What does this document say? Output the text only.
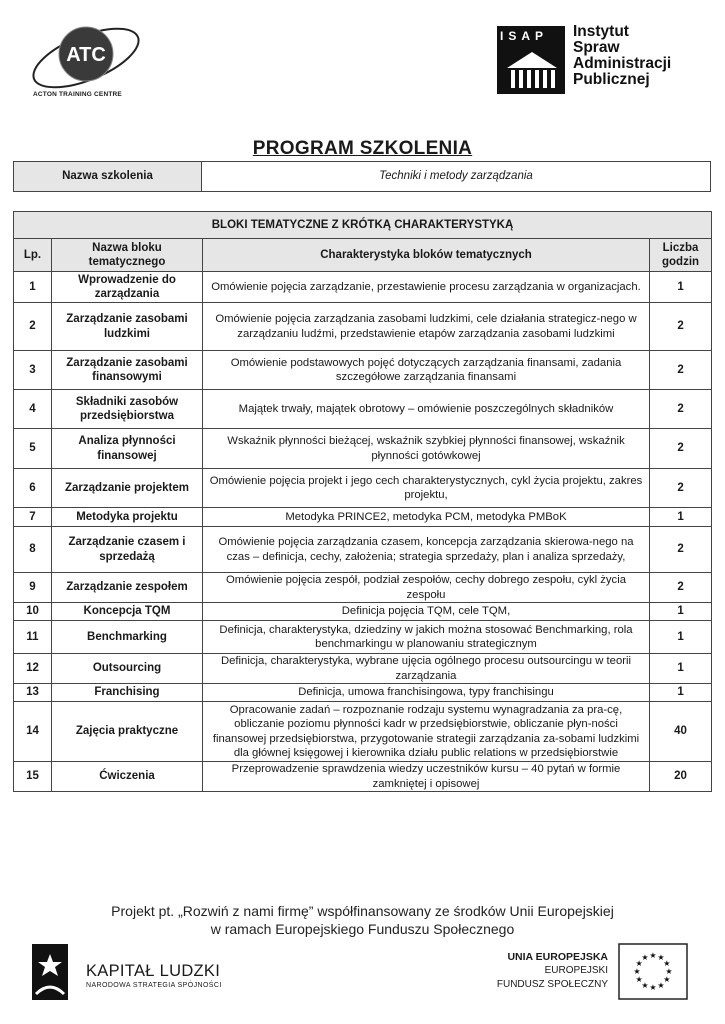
ATC
ACTON TRAINING CENTRE
ISAP Instytut
Spraw
Administracji
Publicznej
PROGRAM SZKOLENIA
Nazwa szkolenia	Techniki i metody zarządzania
BLOKI TEMATYCZNE Z KRÓTKĄ CHARAKTERYSTYKĄ			
Lp.	Nazwa bloku tematycznego	Charakterystyka bloków tematycznych	Liczba godzin
1	Wprowadzenie do zarządzania	Omówienie pojęcia zarządzanie, przestawienie procesu zarządzania w organizacjach.	1
2	Zarządzanie zasobami ludzkimi	Omówienie pojęcia zarządzania zasobami ludzkimi, cele działania strategicz-nego w zarządzaniu ludźmi, przedstawienie etapów zarządzania zasobami ludzkimi	2
3	Zarządzanie zasobami finansowymi	Omówienie podstawowych pojęć dotyczących zarządzania finansami, zadania szczegółowe zarządzania finansami	2
4	Składniki zasobów przedsiębiorstwa	Majątek trwały, majątek obrotowy – omówienie poszczególnych składników	2
5	Analiza płynności finansowej	Wskaźnik płynności bieżącej, wskaźnik szybkiej płynności finansowej, wskaźnik płynności gotówkowej	2
6	Zarządzanie projektem	Omówienie pojęcia projekt i jego cech charakterystycznych, cykl życia projektu, zakres projektu,	2
7	Metodyka projektu	Metodyka PRINCE2, metodyka PCM, metodyka PMBoK	1
8	Zarządzanie czasem i sprzedażą	Omówienie pojęcia zarządzania czasem, koncepcja zarządzania skierowa-nego na czas – definicja, cechy, założenia; strategia sprzedaży, plan i analiza sprzedaży,	2
9	Zarządzanie zespołem	Omówienie pojęcia zespół, podział zespołów, cechy dobrego zespołu, cykl życia zespołu	2
10	Koncepcja TQM	Definicja pojęcia TQM, cele TQM,	1
11	Benchmarking	Definicja, charakterystyka, dziedziny w jakich można stosować Benchmarking, rola benchmarkingu w planowaniu strategicznym	1
12	Outsourcing	Definicja, charakterystyka, wybrane ujęcia ogólnego procesu outsourcingu w teorii zarządzania	1
13	Franchising	Definicja, umowa franchisingowa, typy franchisingu	1
14	Zajęcia praktyczne	Opracowanie zadań – rozpoznanie rodzaju systemu wynagradzania za pra-cę, obliczanie poziomu płynności kadr w przedsiębiorstwie, obliczanie płyn-ności finansowej przedsiębiorstwa, przygotowanie strategii zarządzania za-sobami ludzkimi dla głównej księgowej i kierownika działu public relations w przedsiębiorstwie	40
15	Ćwiczenia	Przeprowadzenie sprawdzenia wiedzy uczestników kursu – 40 pytań w formie zamkniętej i opisowej	20
Projekt pt. „Rozwiń z nami firmę” współfinansowany ze środków Unii Europejskiej
w ramach Europejskiego Funduszu Społecznego
KAPITAŁ LUDZKI
NARODOWA STRATEGIA SPÓJNOŚCI
UNIA EUROPEJSKA
EUROPEJSKI
FUNDUSZ SPOŁECZNY
★
★
★
★
★
★
★
★
★ ★ ★
★
